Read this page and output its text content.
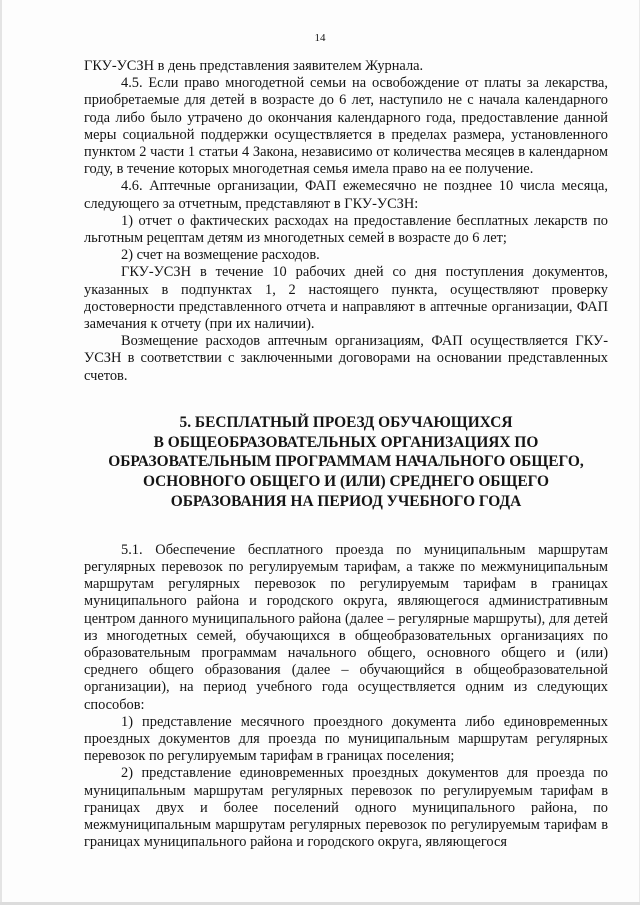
14

ГКУ-УСЗН в день представления заявителем Журнала.

4.5. Если право многодетной семьи на освобождение от платы за лекарства, приобретаемые для детей в возрасте до 6 лет, наступило не с начала календарного года либо было утрачено до окончания календарного года, предоставление данной меры социальной поддержки осуществляется в пределах размера, установленного пунктом 2 части 1 статьи 4 Закона, независимо от количества месяцев в календарном году, в течение которых многодетная семья имела право на ее получение.

4.6. Аптечные организации, ФАП ежемесячно не позднее 10 числа месяца, следующего за отчетным, представляют в ГКУ-УСЗН:

1) отчет о фактических расходах на предоставление бесплатных лекарств по льготным рецептам детям из многодетных семей в возрасте до 6 лет;

2) счет на возмещение расходов.

ГКУ-УСЗН в течение 10 рабочих дней со дня поступления документов, указанных в подпунктах 1, 2 настоящего пункта, осуществляют проверку достоверности представленного отчета и направляют в аптечные организации, ФАП замечания к отчету (при их наличии).

Возмещение расходов аптечным организациям, ФАП осуществляется ГКУ-УСЗН в соответствии с заключенными договорами на основании представленных счетов.

5. БЕСПЛАТНЫЙ ПРОЕЗД ОБУЧАЮЩИХСЯ
В ОБЩЕОБРАЗОВАТЕЛЬНЫХ ОРГАНИЗАЦИЯХ ПО
ОБРАЗОВАТЕЛЬНЫМ ПРОГРАММАМ НАЧАЛЬНОГО ОБЩЕГО,
ОСНОВНОГО ОБЩЕГО И (ИЛИ) СРЕДНЕГО ОБЩЕГО
ОБРАЗОВАНИЯ НА ПЕРИОД УЧЕБНОГО ГОДА

5.1. Обеспечение бесплатного проезда по муниципальным маршрутам регулярных перевозок по регулируемым тарифам, а также по межмуниципальным маршрутам регулярных перевозок по регулируемым тарифам в границах муниципального района и городского округа, являющегося административным центром данного муниципального района (далее – регулярные маршруты), для детей из многодетных семей, обучающихся в общеобразовательных организациях по образовательным программам начального общего, основного общего и (или) среднего общего образования (далее – обучающийся в общеобразовательной организации), на период учебного года осуществляется одним из следующих способов:

1) представление месячного проездного документа либо единовременных проездных документов для проезда по муниципальным маршрутам регулярных перевозок по регулируемым тарифам в границах поселения;

2) представление единовременных проездных документов для проезда по муниципальным маршрутам регулярных перевозок по регулируемым тарифам в границах двух и более поселений одного муниципального района, по межмуниципальным маршрутам регулярных перевозок по регулируемым тарифам в границах муниципального района и городского округа, являющегося
